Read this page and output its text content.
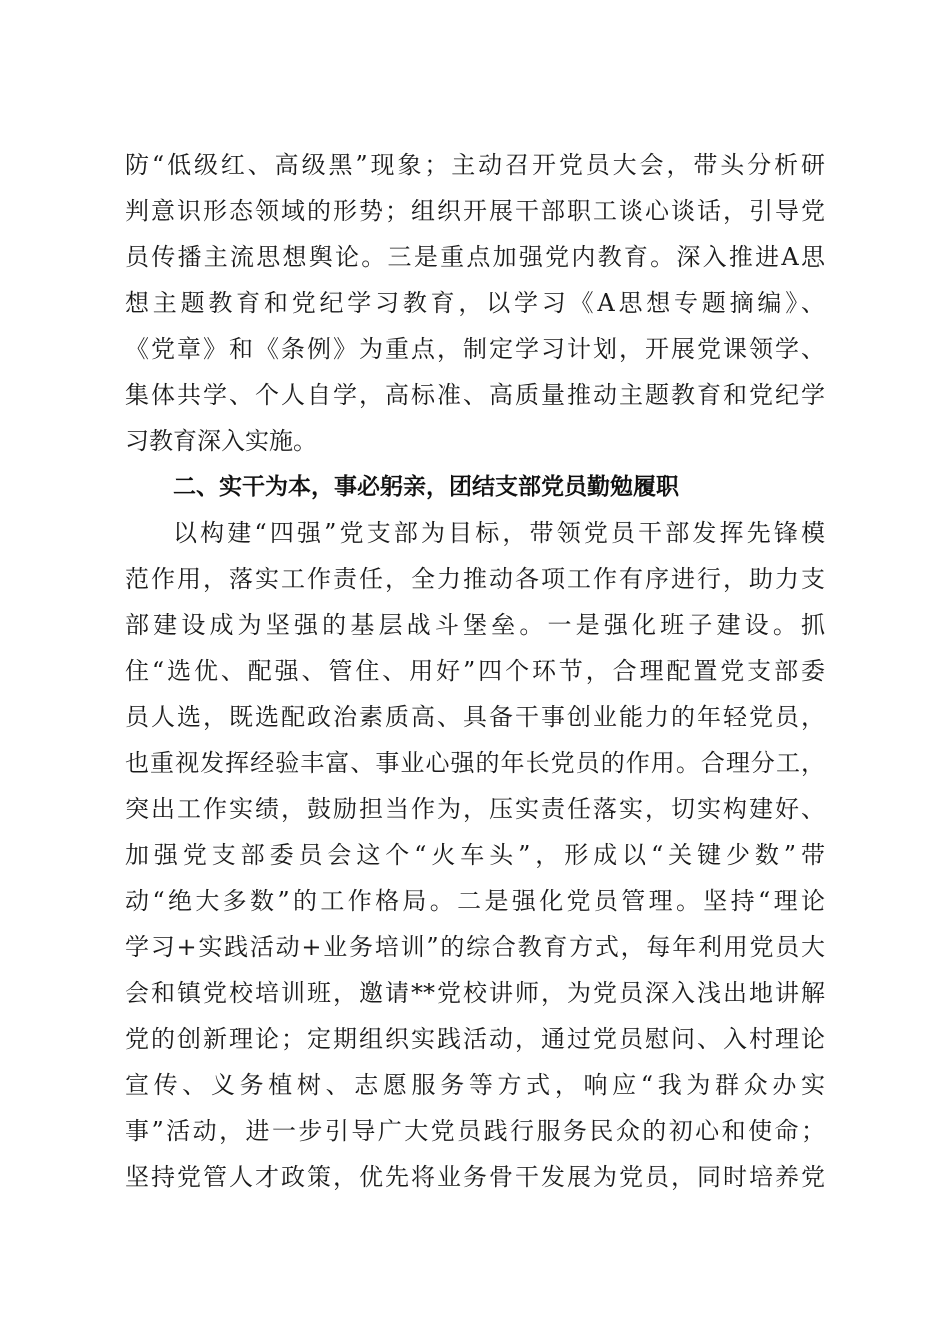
防“低级红、高级黑”现象；主动召开党员大会，带头分析研
判意识形态领域的形势；组织开展干部职工谈心谈话，引导党
员传播主流思想舆论。三是重点加强党内教育。深入推进A思
想主题教育和党纪学习教育，以学习《A思想专题摘编》、
《党章》和《条例》为重点，制定学习计划，开展党课领学、
集体共学、个人自学，高标准、高质量推动主题教育和党纪学
习教育深入实施。
二、实干为本，事必躬亲，团结支部党员勤勉履职
以构建“四强”党支部为目标，带领党员干部发挥先锋模
范作用，落实工作责任，全力推动各项工作有序进行，助力支
部建设成为坚强的基层战斗堡垒。一是强化班子建设。抓
住“选优、配强、管住、用好”四个环节，合理配置党支部委
员人选，既选配政治素质高、具备干事创业能力的年轻党员，
也重视发挥经验丰富、事业心强的年长党员的作用。合理分工，
突出工作实绩，鼓励担当作为，压实责任落实，切实构建好、
加强党支部委员会这个“火车头”，形成以“关键少数”带
动“绝大多数”的工作格局。二是强化党员管理。坚持“理论
学习+实践活动+业务培训”的综合教育方式，每年利用党员大
会和镇党校培训班，邀请**党校讲师，为党员深入浅出地讲解
党的创新理论；定期组织实践活动，通过党员慰问、入村理论
宣传、义务植树、志愿服务等方式，响应“我为群众办实
事”活动，进一步引导广大党员践行服务民众的初心和使命；
坚持党管人才政策，优先将业务骨干发展为党员，同时培养党
